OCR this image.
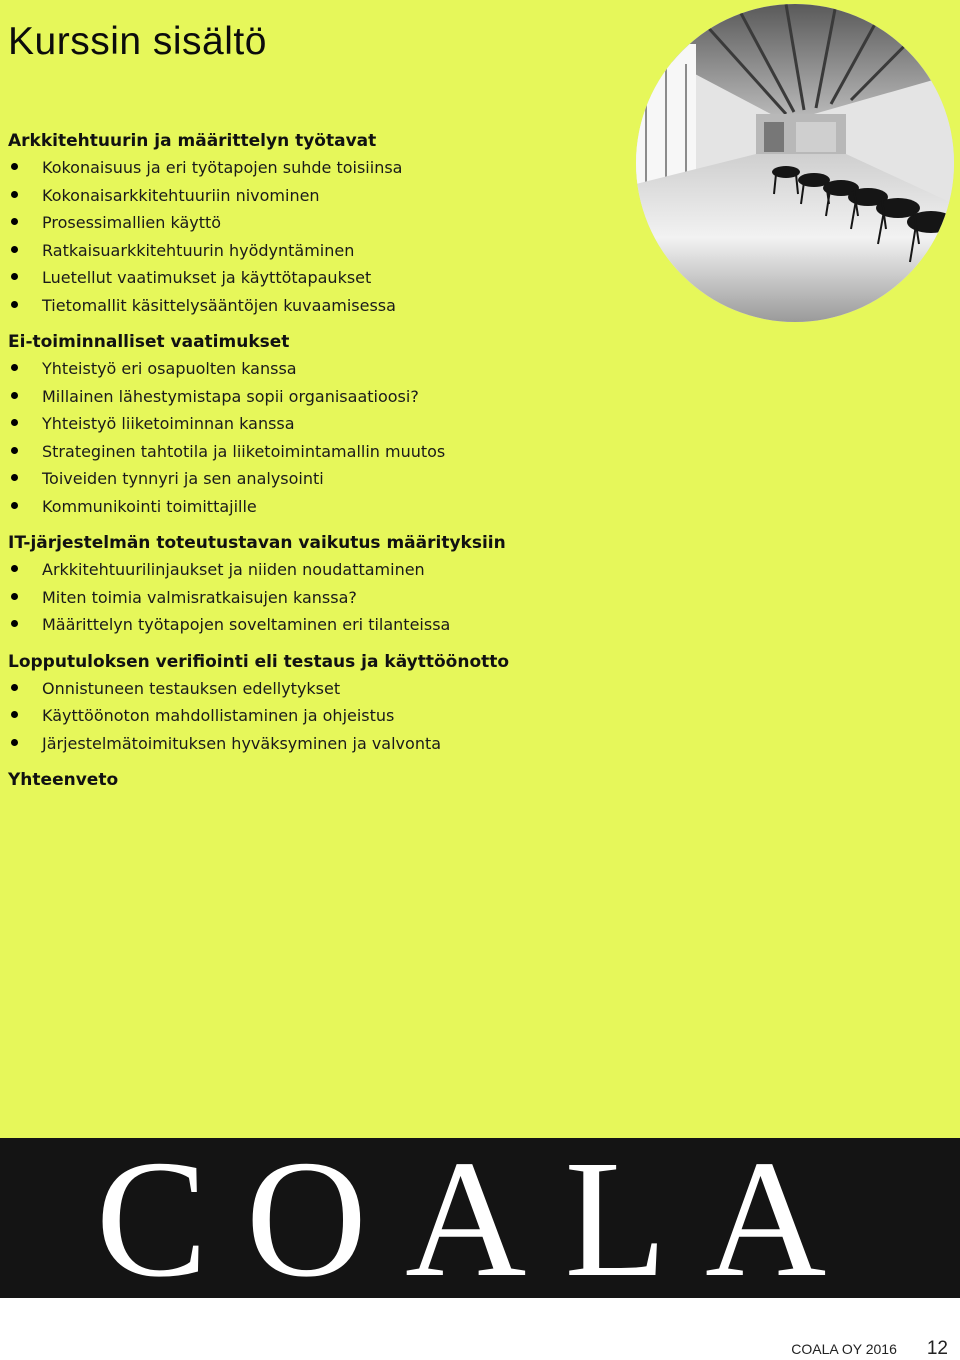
Kurssin sisältö
Arkkitehtuurin ja määrittelyn työtavat
Kokonaisuus ja eri työtapojen suhde toisiinsa
Kokonaisarkkitehtuuriin nivominen
Prosessimallien käyttö
Ratkaisuarkkitehtuurin hyödyntäminen
Luetellut vaatimukset ja käyttötapaukset
Tietomallit käsittelysääntöjen kuvaamisessa
Ei-toiminnalliset vaatimukset
Yhteistyö eri osapuolten kanssa
Millainen lähestymistapa sopii organisaatioosi?
Yhteistyö liiketoiminnan kanssa
Strateginen tahtotila ja liiketoimintamallin muutos
Toiveiden tynnyri ja sen analysointi
Kommunikointi toimittajille
IT-järjestelmän toteutustavan vaikutus määrityksiin
Arkkitehtuurilinjaukset ja niiden noudattaminen
Miten toimia valmisratkaisujen kanssa?
Määrittelyn työtapojen soveltaminen eri tilanteissa
Lopputuloksen verifiointi eli testaus ja käyttöönotto
Onnistuneen testauksen edellytykset
Käyttöönoton mahdollistaminen ja ohjeistus
Järjestelmätoimituksen hyväksyminen ja valvonta
Yhteenveto
COALA
COALA OY 2016 12
